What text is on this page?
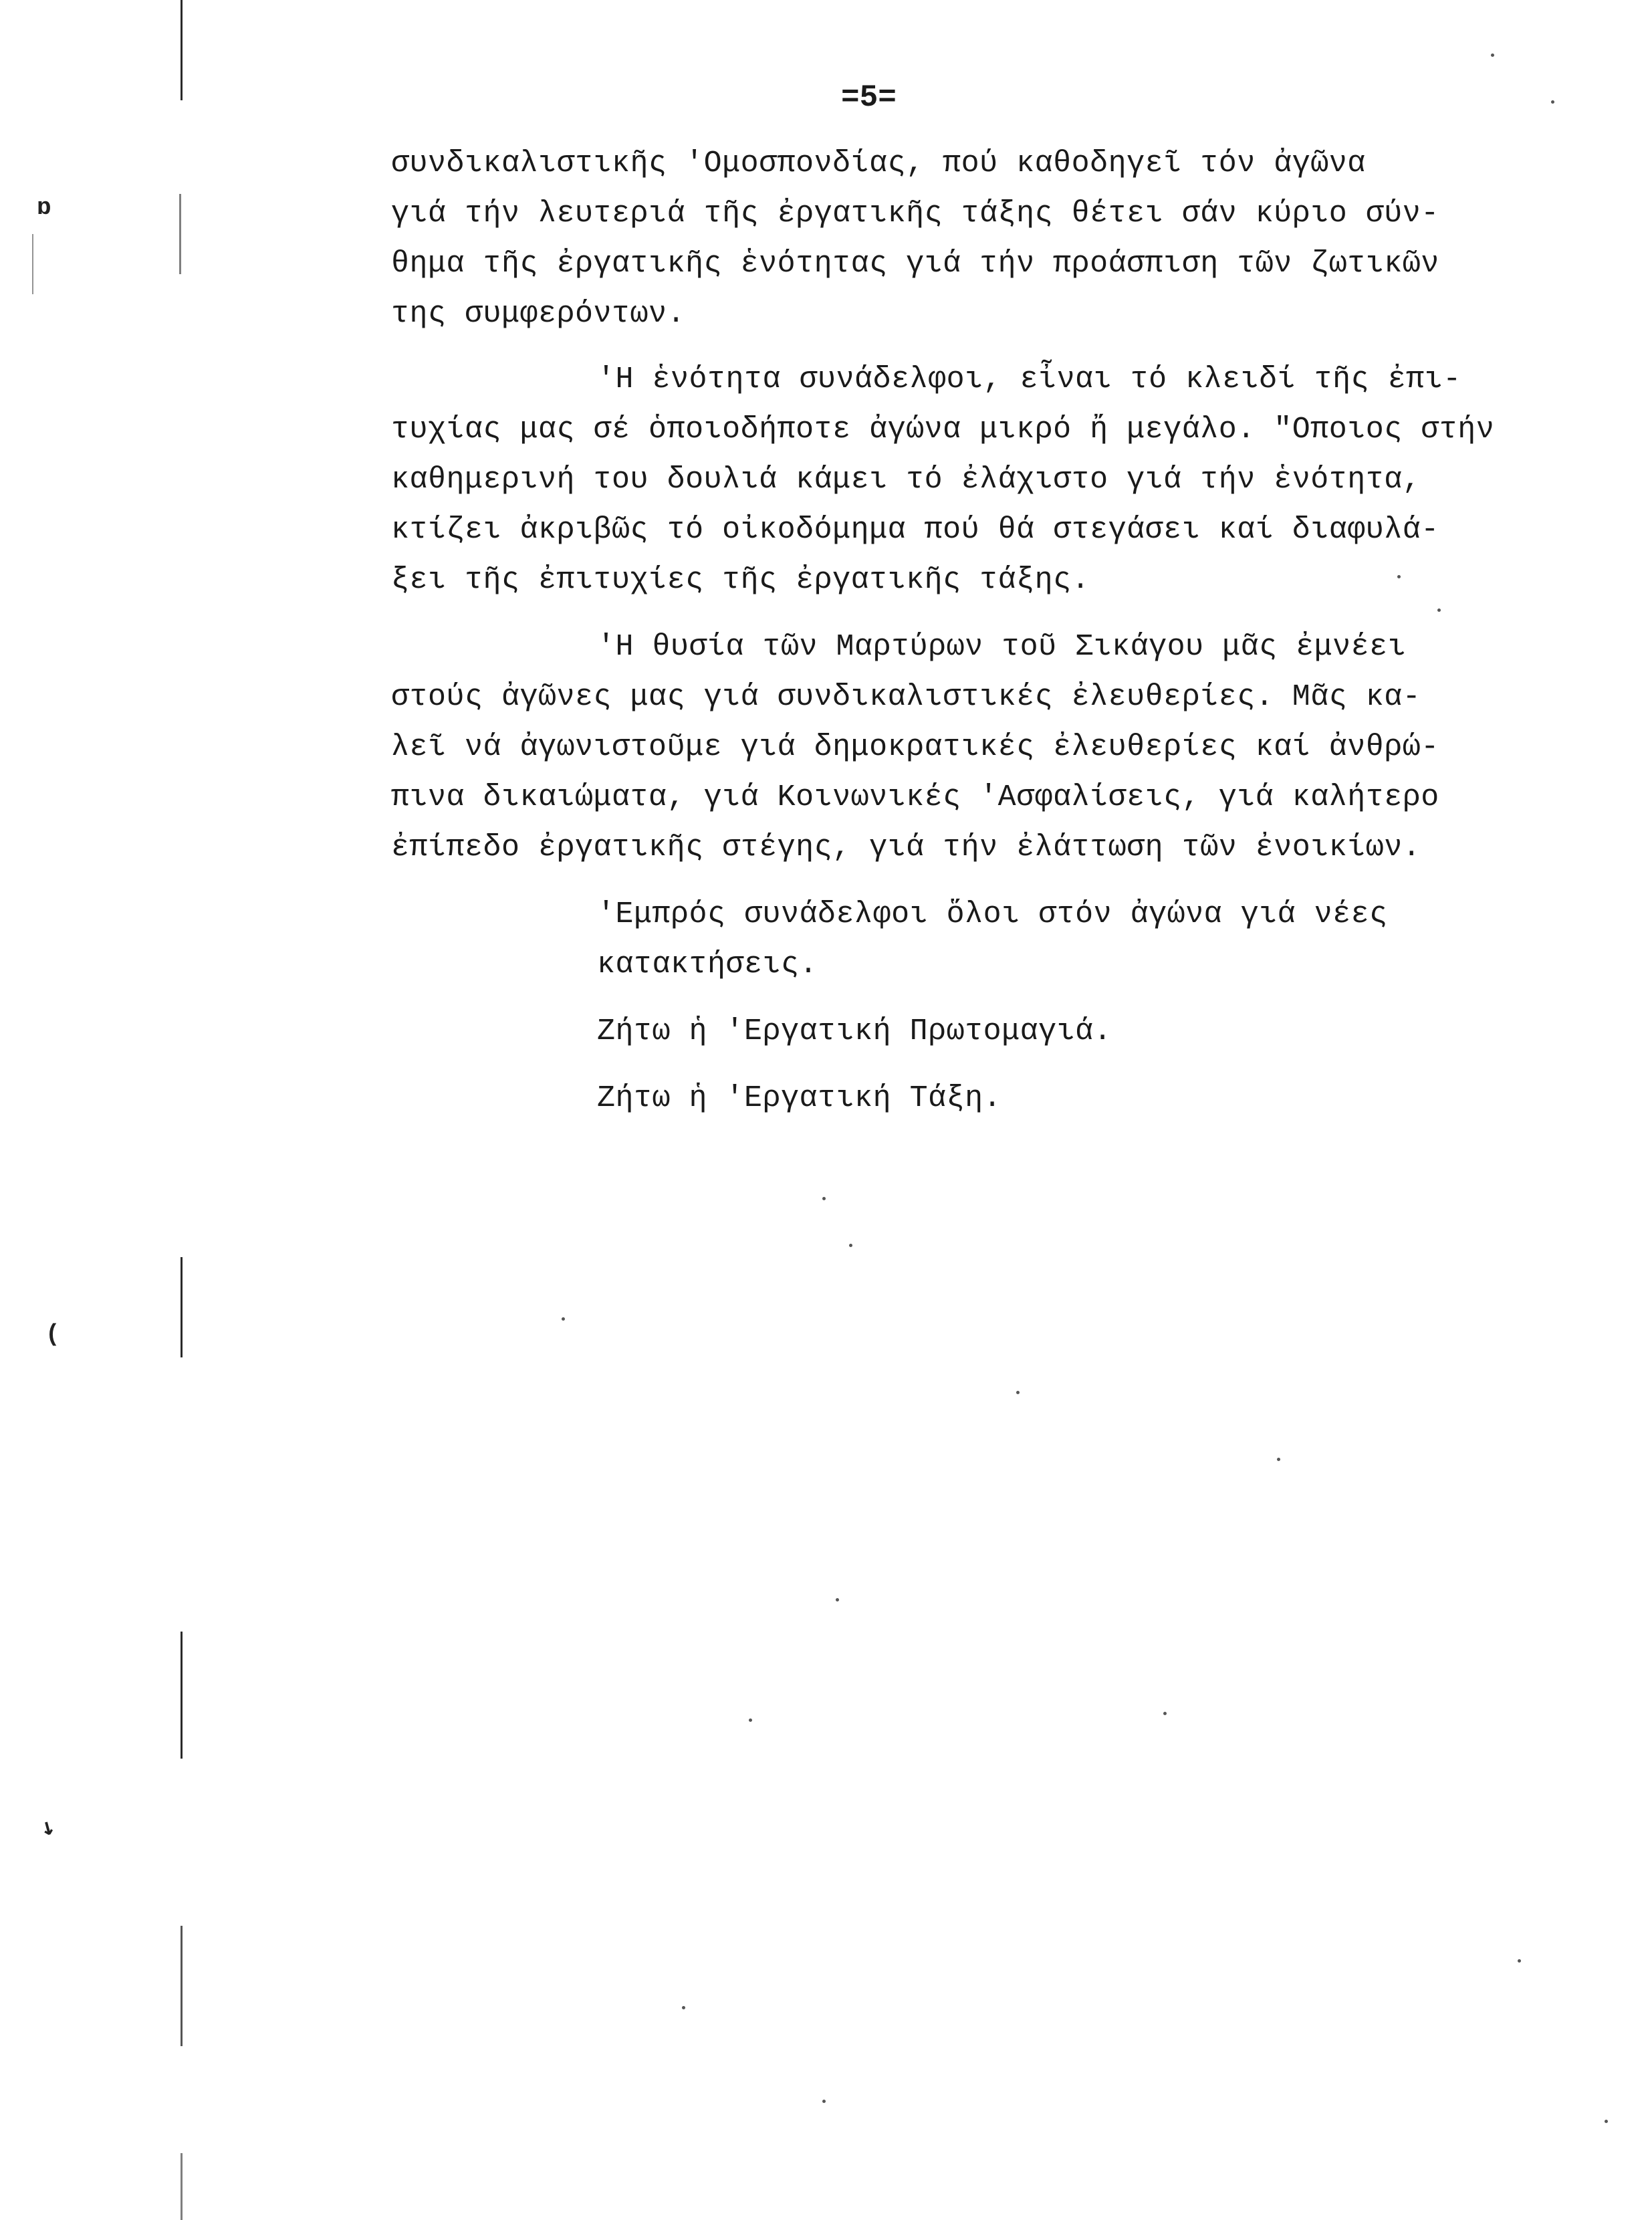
ɒ
(
↘
=5=
συνδικαλιστικῆς 'Ομοσπονδίας, πού καθοδηγεῖ τόν ἀγῶνα
γιά τήν λευτεριά τῆς ἐργατικῆς τάξης θέτει σάν κύριο σύν-
θημα τῆς ἐργατικῆς ἑνότητας γιά τήν προάσπιση τῶν ζωτικῶν
της συμφερόντων.
'Η ἑνότητα συνάδελφοι, εἶναι τό κλειδί τῆς ἐπι-
τυχίας μας σέ ὁποιοδήποτε ἀγώνα μικρό ἤ μεγάλο. "Οποιος στήν
καθημερινή του δουλιά κάμει τό ἐλάχιστο γιά τήν ἑνότητα,
κτίζει ἀκριβῶς τό οἰκοδόμημα πού θά στεγάσει καί διαφυλά-
ξει τῆς ἐπιτυχίες τῆς ἐργατικῆς τάξης.
'Η θυσία τῶν Μαρτύρων τοῦ Σικάγου μᾶς ἐμνέει
στούς ἀγῶνες μας γιά συνδικαλιστικές ἐλευθερίες. Μᾶς κα-
λεῖ νά ἀγωνιστοῦμε γιά δημοκρατικές ἐλευθερίες καί ἀνθρώ-
πινα δικαιώματα, γιά Κοινωνικές 'Ασφαλίσεις, γιά καλήτερο
ἐπίπεδο ἐργατικῆς στέγης, γιά τήν ἐλάττωση τῶν ἐνοικίων.
'Εμπρός συνάδελφοι ὅλοι στόν ἀγώνα γιά νέες
κατακτήσεις.
Ζήτω ἡ 'Εργατική Πρωτομαγιά.
Ζήτω ἡ 'Εργατική Τάξη.
